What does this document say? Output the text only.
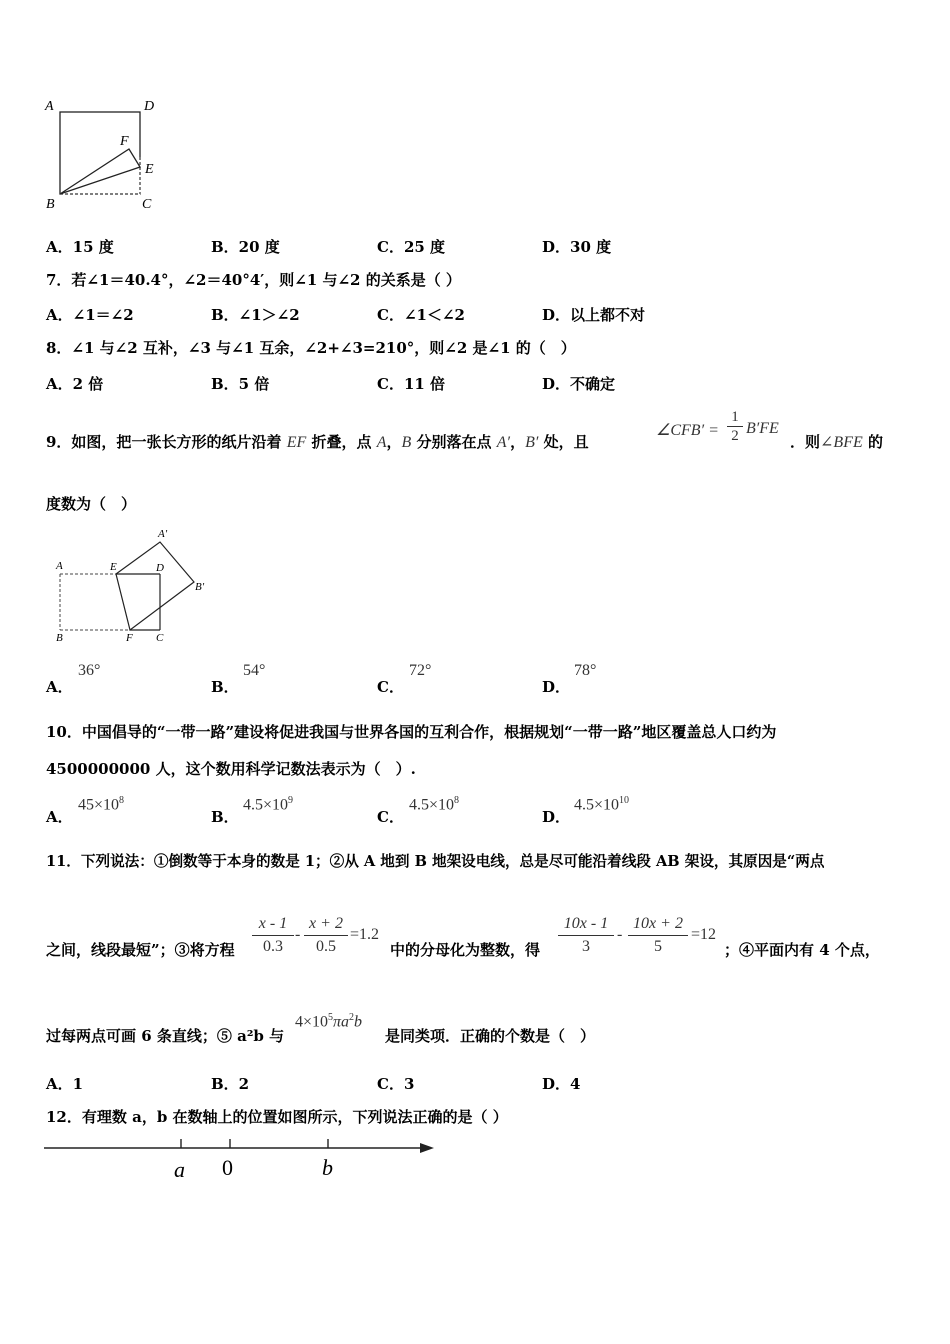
A	D
F
E
B	C
A．15 度	B．20 度	C．25 度	D．30 度
7．若∠1＝40.4°，∠2＝40°4′，则∠1 与∠2 的关系是（ ）
A．∠1＝∠2	B．∠1＞∠2	C．∠1＜∠2	D．以上都不对
8．∠1 与∠2 互补，∠3 与∠1 互余，∠2+∠3=210°，则∠2 是∠1 的（　）
A．2 倍	B．5 倍	C．11 倍	D．不确定
9．如图，把一张长方形的纸片沿着 EF 折叠，点 A，B 分别落在点 A′，B′ 处，且
∠CFB′ = $\frac{1}{2} B'FE$
．则∠BFE 的
度数为（　）
A	E	D
A′
B′
B	F C
A．
36°
B．
54°
C．
72°
D．
78°
10．中国倡导的“一带一路”建设将促进我国与世界各国的互利合作，根据规划“一带一路”地区覆盖总人口约为
4500000000 人，这个数用科学记数法表示为（　）.
A．
$45\times 10^8$
B．
$4.5\times 10^9$
C．
$4.5\times 10^8$
D．
$4.5\times 10^{10}$
11．下列说法：①倒数等于本身的数是 1；②从 A 地到 B 地架设电线，总是尽可能沿着线段 AB 架设，其原因是“两点
之间，线段最短”；③将方程 $\frac{x - 1}{0.3} - \frac{x + 2}{0.5} =1.2$
中的分母化为整数，得 $\frac{10x - 1}{3} - \frac{10x + 2}{5} =12$
；④平面内有 4 个点，
过每两点可画 6 条直线；⑤ a²b 与
$4\times 10^5\pi a^2b$
是同类项．正确的个数是（　）
A．1	B．2	C．3	D．4
12．有理数 a，b 在数轴上的位置如图所示，下列说法正确的是（ ）
a 0	b
